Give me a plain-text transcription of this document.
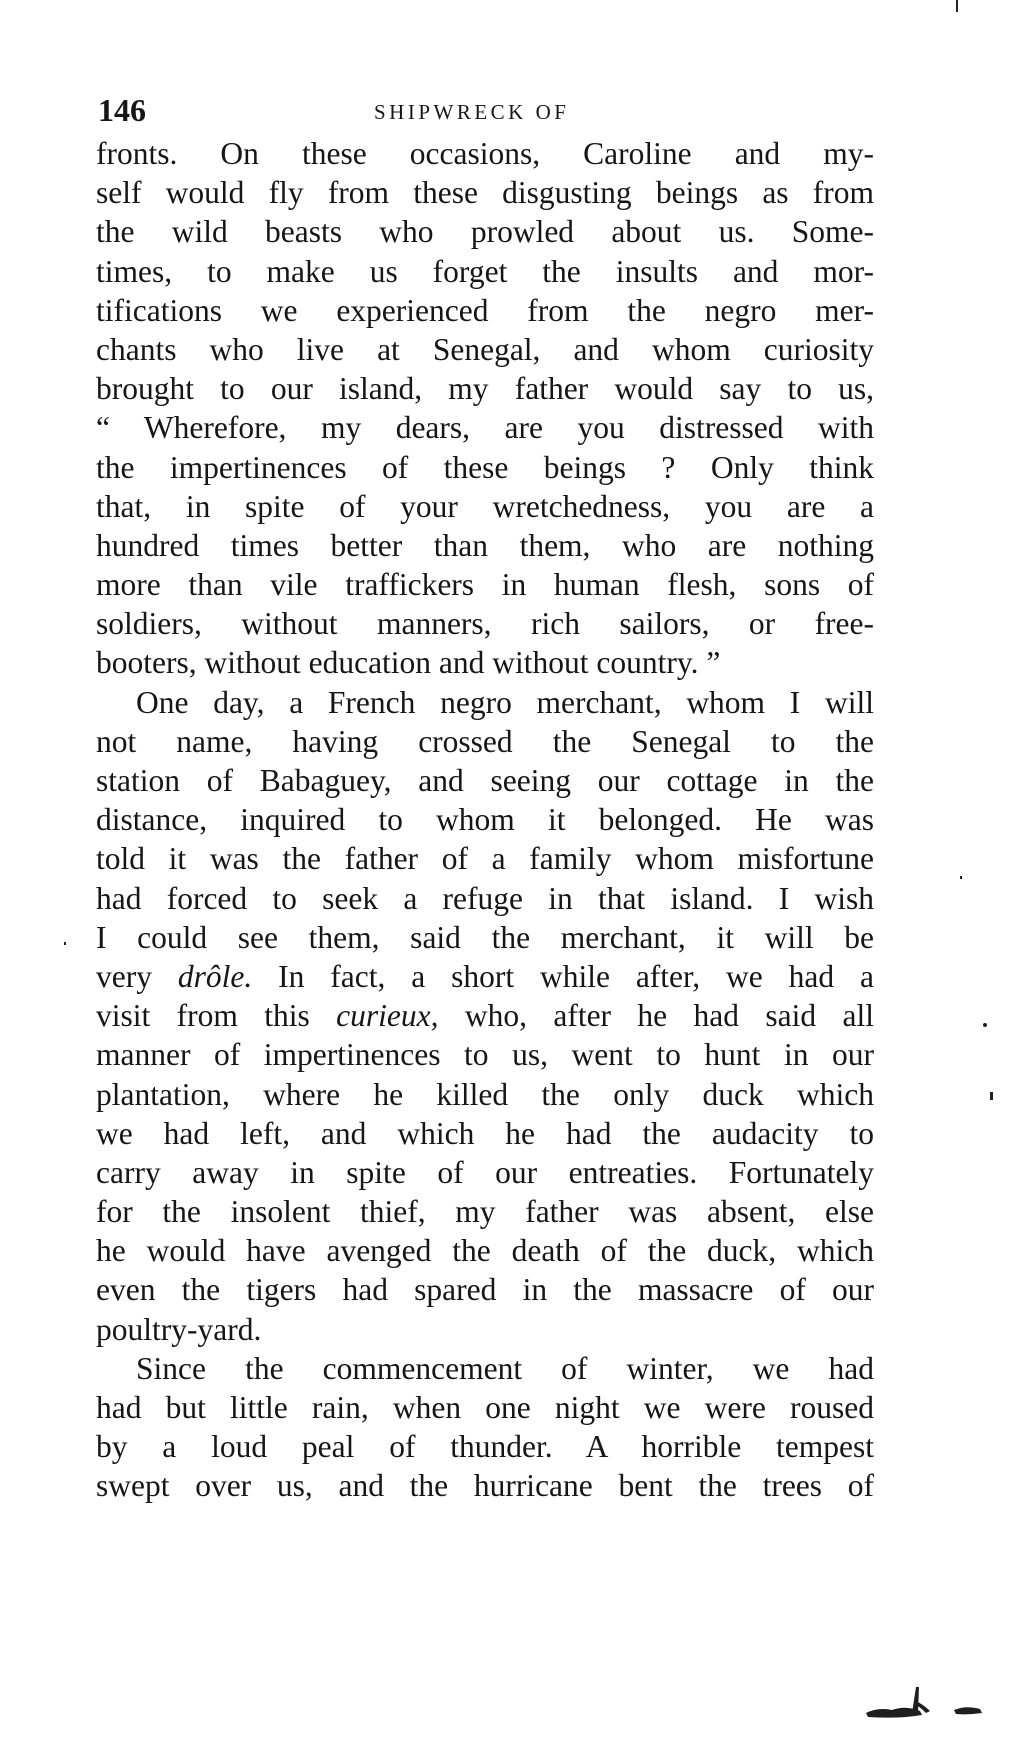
146	SHIPWRECK OF
fronts. On these occasions, Caroline and my-
self would fly from these disgusting beings as from
the wild beasts who prowled about us. Some-
times, to make us forget the insults and mor-
tifications we experienced from the negro mer-
chants who live at Senegal, and whom curiosity
brought to our island, my father would say to us,
“ Wherefore, my dears, are you distressed with
the impertinences of these beings ? Only think
that, in spite of your wretchedness, you are a
hundred times better than them, who are nothing
more than vile traffickers in human flesh, sons of
soldiers, without manners, rich sailors, or free-
booters, without education and without country. ”
One day, a French negro merchant, whom I will
not name, having crossed the Senegal to the
station of Babaguey, and seeing our cottage in the
distance, inquired to whom it belonged. He was
told it was the father of a family whom misfortune
had forced to seek a refuge in that island. I wish
I could see them, said the merchant, it will be
very drôle. In fact, a short while after, we had a
visit from this curieux, who, after he had said all
manner of impertinences to us, went to hunt in our
plantation, where he killed the only duck which
we had left, and which he had the audacity to
carry away in spite of our entreaties. Fortunately
for the insolent thief, my father was absent, else
he would have avenged the death of the duck, which
even the tigers had spared in the massacre of our
poultry-yard.
Since the commencement of winter, we had
had but little rain, when one night we were roused
by a loud peal of thunder. A horrible tempest
swept over us, and the hurricane bent the trees of
